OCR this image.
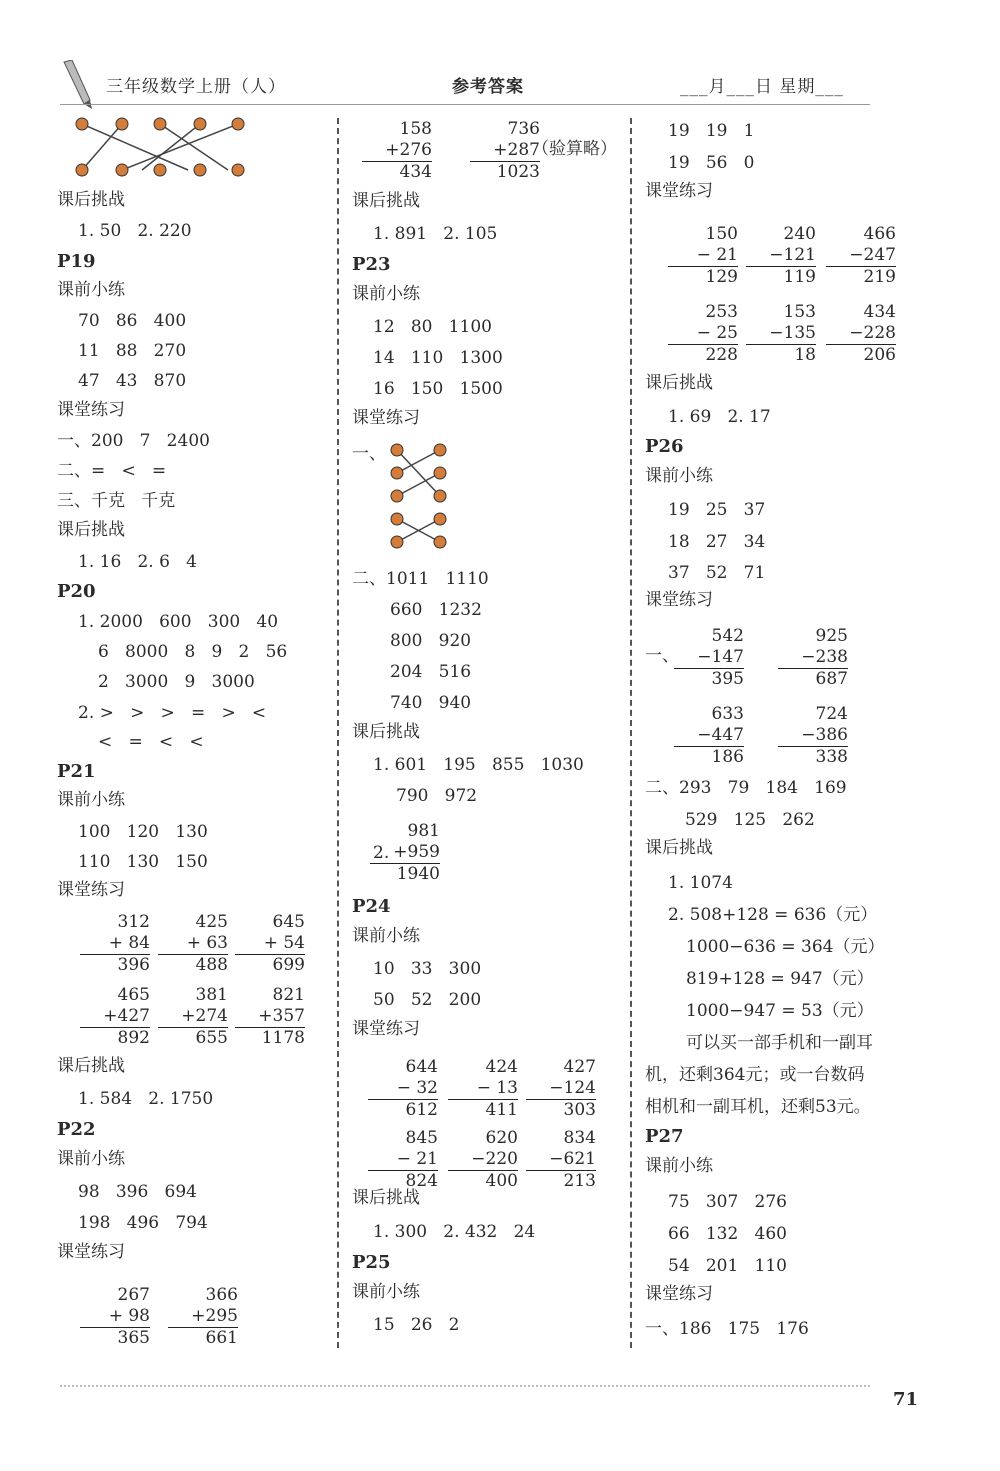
三年级数学上册（人）	参考答案	___月___日 星期___
课后挑战
1. 50   2. 220
P19
课前小练
70   86   400
11   88   270
47   43   870
课堂练习
一、200   7   2400
二、=   <   =
三、千克   千克
课后挑战
1. 16   2. 6   4
P20
1. 2000   600   300   40
6   8000   8   9   2   56
2   3000   9   3000
2. >   >   >   =   >   <
<   =   <   <
P21
课前小练
100   120   130
110   130   150
课堂练习
课后挑战
1. 584   2. 1750
P22
课前小练
98   396   694
198   496   794
课堂练习
（验算略）
课后挑战
1. 891   2. 105
P23
课前小练
12   80   1100
14   110   1300
16   150   1500
课堂练习
一、
二、1011   1110
660   1232
800   920
204   516
740   940
课后挑战
1. 601   195   855   1030
790   972
2.
P24
课前小练
10   33   300
50   52   200
课堂练习
课后挑战
1. 300   2. 432   24
P25
课前小练
15   26   2
19   19   1
19   56   0
课堂练习
课后挑战
1. 69   2. 17
P26
课前小练
19   25   37
18   27   34
37   52   71
课堂练习
一、
二、293   79   184   169
529   125   262
课后挑战
1. 1074
2. 508+128 = 636（元）
1000−636 = 364（元）
819+128 = 947（元）
1000−947 = 53（元）
可以买一部手机和一副耳
机，还剩364元；或一台数码
相机和一副耳机，还剩53元。
P27
课前小练
75   307   276
66   132   460
54   201   110
课堂练习
一、186   175   176
158
+276
434
736
+287
1023
312
+ 84
396
425
+ 63
488
645
+ 54
699
465
+427
892
381
+274
655
821
+357
1178
267
+ 98
365
366
+295
661
981
+959
1940
644
− 32
612
424
− 13
411
427
−124
303
845
− 21
824
620
−220
400
834
−621
213
150
− 21
129
240
−121
119
466
−247
219
253
− 25
228
153
−135
18
434
−228
206
542
−147
395
925
−238
687
633
−447
186
724
−386
338
71
